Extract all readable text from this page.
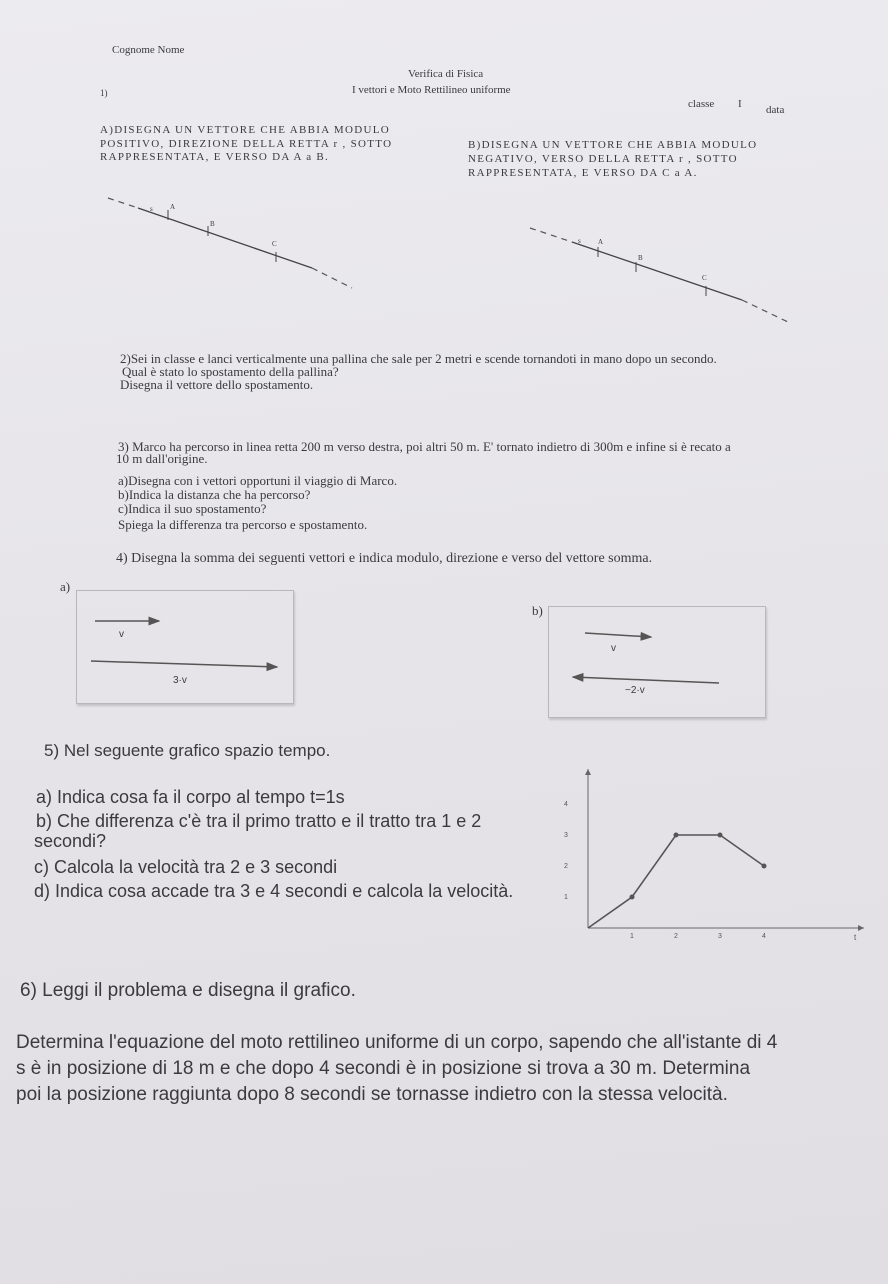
Cognome Nome
Verifica di Fisica
I vettori e Moto Rettilineo uniforme
classe I data
1)
A)DISEGNA UN VETTORE CHE ABBIA MODULO
POSITIVO, DIREZIONE DELLA RETTA r , SOTTO
RAPPRESENTATA, E VERSO DA A a B.
B)DISEGNA UN VETTORE CHE ABBIA MODULO
NEGATIVO, VERSO DELLA RETTA r , SOTTO
RAPPRESENTATA, E VERSO DA C a A.
s A
B
C	s A
B
C
2)Sei in classe e lanci verticalmente una pallina che sale per 2 metri e scende tornandoti in mano dopo un secondo.
Qual è stato lo spostamento della pallina?
Disegna il vettore dello spostamento.
3) Marco ha percorso in linea retta 200 m verso destra, poi altri 50 m. E' tornato indietro di 300m e infine si è recato a
10 m dall'origine.
a)Disegna con i vettori opportuni il viaggio di Marco.
b)Indica la distanza che ha percorso?
c)Indica il suo spostamento?
Spiega la differenza tra percorso e spostamento.
4) Disegna la somma dei seguenti vettori e indica modulo, direzione e verso del vettore somma.
a)
v
3·v
b)
v
−2·v
5) Nel seguente grafico spazio tempo.
a) Indica cosa fa il corpo al tempo t=1s
b) Che differenza c'è tra il primo tratto e il tratto tra 1 e 2
secondi?
c) Calcola la velocità tra 2 e 3 secondi
d) Indica cosa accade tra 3 e 4 secondi e calcola la velocità.
1	2	3	4
1
2
3
4
t
6) Leggi il problema e disegna il grafico.
Determina l'equazione del moto rettilineo uniforme di un corpo, sapendo che all'istante di 4
s è in posizione di 18 m e che dopo 4 secondi è in posizione si trova a 30 m. Determina
poi la posizione raggiunta dopo 8 secondi se tornasse indietro con la stessa velocità.
